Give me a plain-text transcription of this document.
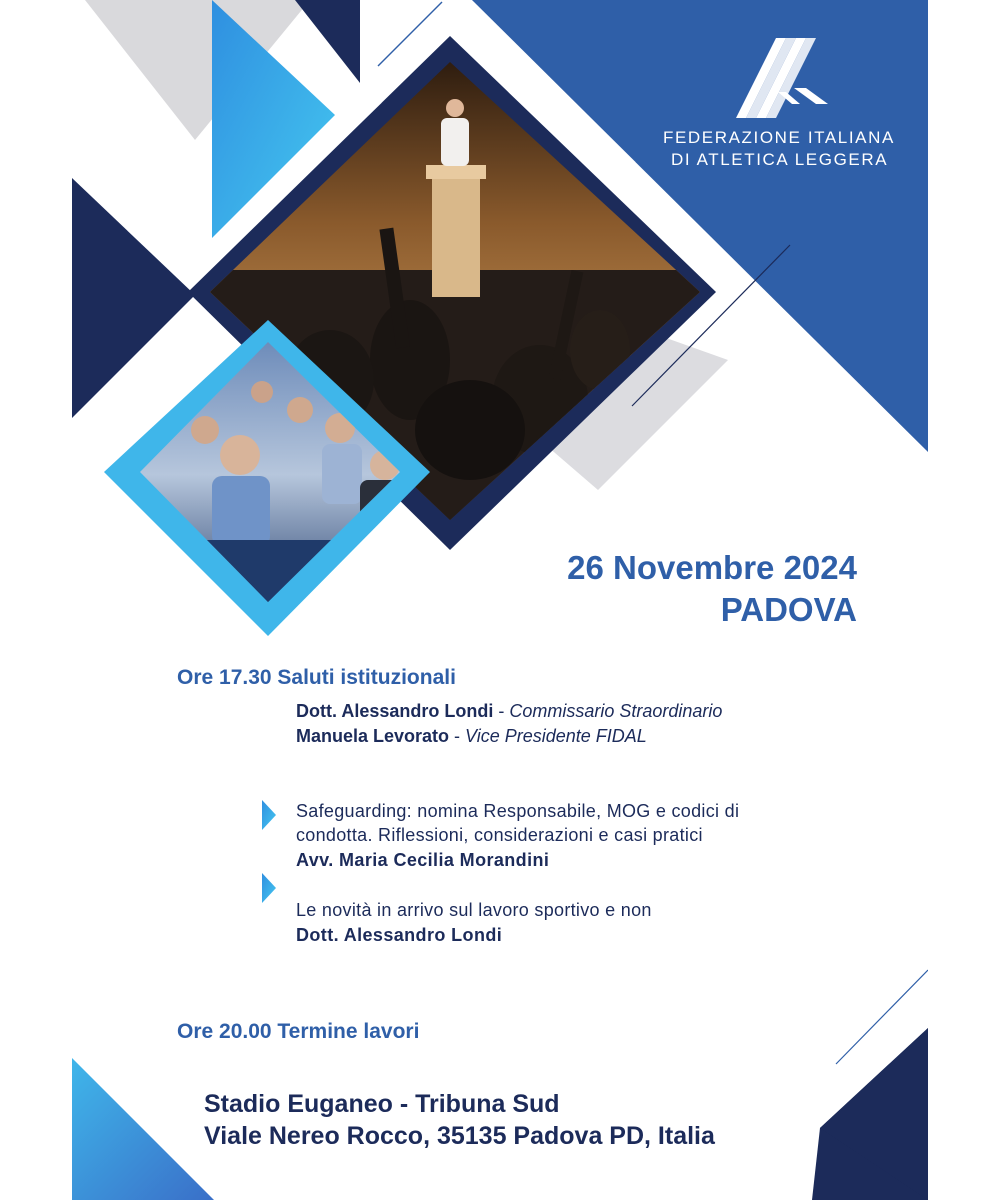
FEDERAZIONE ITALIANA
DI ATLETICA LEGGERA
26 Novembre 2024
PADOVA
Ore 17.30 Saluti istituzionali
Dott. Alessandro Londi - Commissario Straordinario
Manuela Levorato - Vice Presidente FIDAL
Safeguarding: nomina Responsabile, MOG e codici di
condotta. Riflessioni, considerazioni e casi pratici
Avv. Maria Cecilia Morandini
Le novità in arrivo sul lavoro sportivo e non
Dott. Alessandro Londi
Ore 20.00 Termine lavori
Stadio Euganeo - Tribuna Sud
Viale Nereo Rocco, 35135 Padova PD, Italia
